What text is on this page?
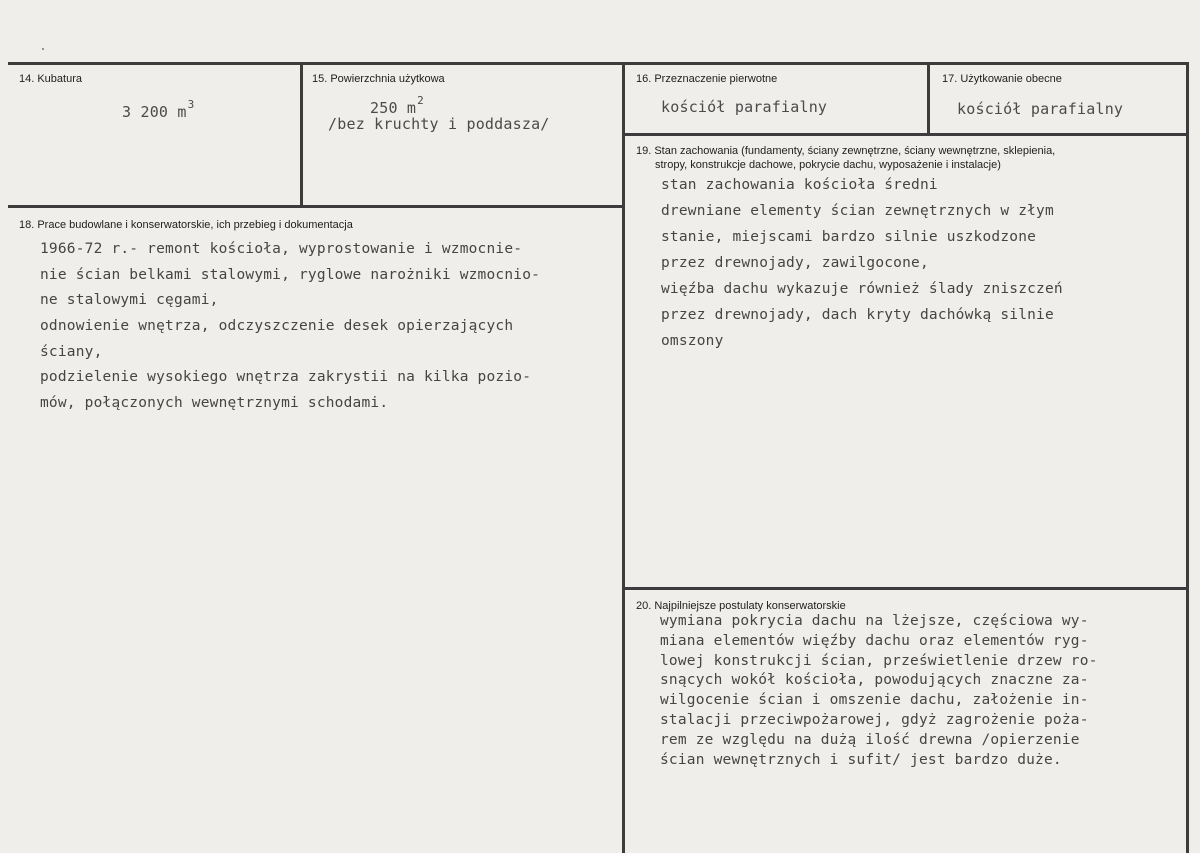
14. Kubatura
3 200 $m^3$
15. Powierzchnia użytkowa
250 $m^2$
/bez kruchty i poddasza/
16. Przeznaczenie pierwotne
kościół parafialny
17. Użytkowanie obecne
kościół parafialny
18. Prace budowlane i konserwatorskie, ich przebieg i dokumentacja
1966-72 r.- remont kościoła, wyprostowanie i wzmocnie-
nie ścian belkami stalowymi, ryglowe narożniki wzmocnio-
ne stalowymi cęgami,
odnowienie wnętrza, odczyszczenie desek opierzających
ściany,
podzielenie wysokiego wnętrza zakrystii na kilka pozio-
mów, połączonych wewnętrznymi schodami.
19. Stan zachowania (fundamenty, ściany zewnętrzne, ściany wewnętrzne, sklepienia,
stropy, konstrukcje dachowe, pokrycie dachu, wyposażenie i instalacje)
stan zachowania kościoła średni
drewniane elementy ścian zewnętrznych w złym
stanie, miejscami bardzo silnie uszkodzone
przez drewnojady, zawilgocone,
więźba dachu wykazuje również ślady zniszczeń
przez drewnojady, dach kryty dachówką silnie
omszony
20. Najpilniejsze postulaty konserwatorskie
wymiana pokrycia dachu na lżejsze, częściowa wy-
miana elementów więźby dachu oraz elementów ryg-
lowej konstrukcji ścian, prześwietlenie drzew ro-
snących wokół kościoła, powodujących znaczne za-
wilgocenie ścian i omszenie dachu, założenie in-
stalacji przeciwpożarowej, gdyż zagrożenie poża-
rem ze względu na dużą ilość drewna /opierzenie
ścian wewnętrznych i sufit/ jest bardzo duże.
